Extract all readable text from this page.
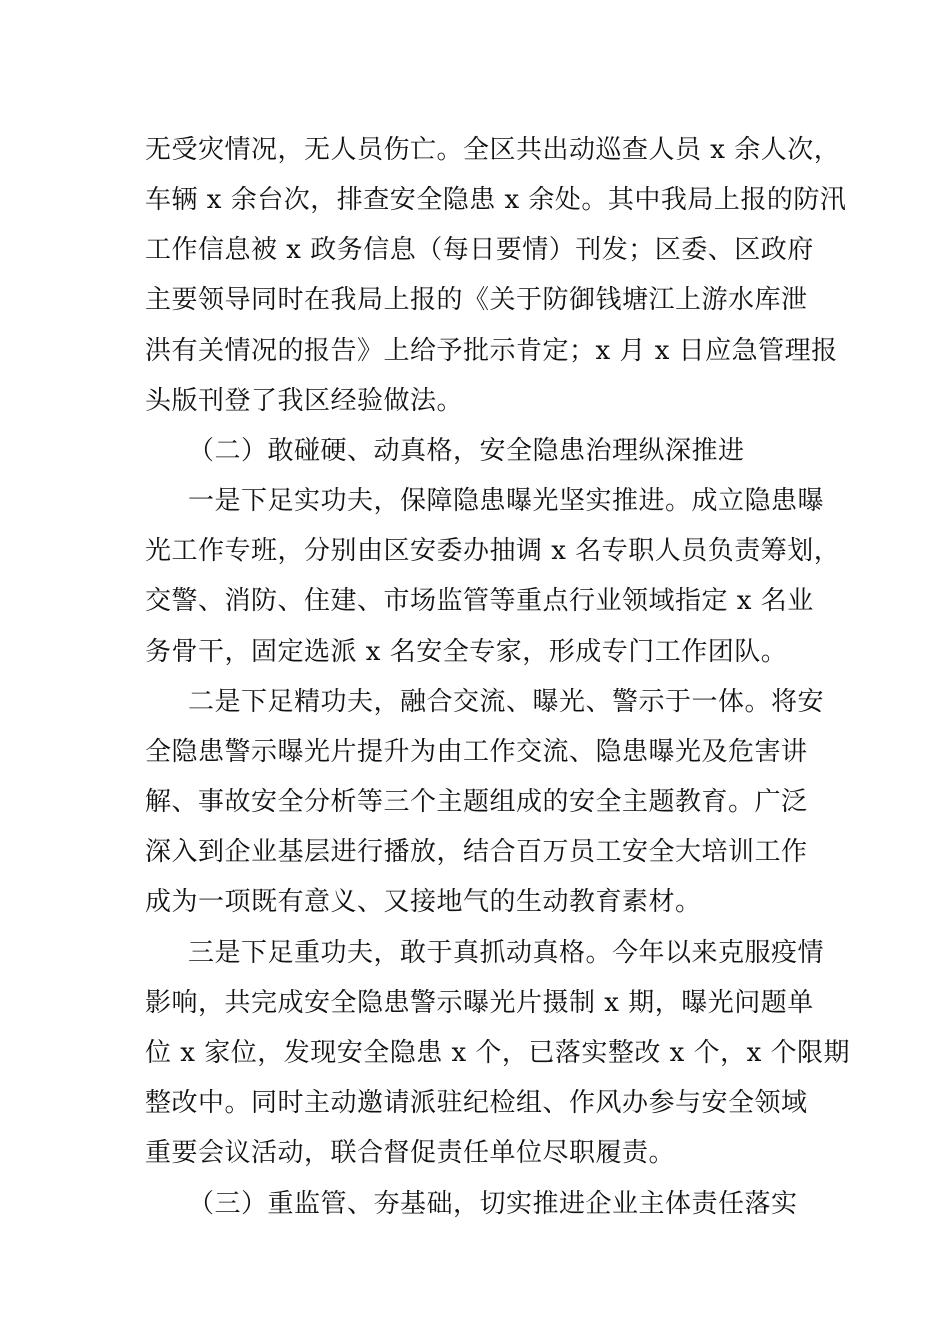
无受灾情况，无人员伤亡。全区共出动巡查人员 x 余人次，
车辆 x 余台次，排查安全隐患 x 余处。其中我局上报的防汛
工作信息被 x 政务信息（每日要情）刊发；区委、区政府
主要领导同时在我局上报的《关于防御钱塘江上游水库泄
洪有关情况的报告》上给予批示肯定；x 月 x 日应急管理报
头版刊登了我区经验做法。
（二）敢碰硬、动真格，安全隐患治理纵深推进
一是下足实功夫，保障隐患曝光坚实推进。成立隐患曝
光工作专班，分别由区安委办抽调 x 名专职人员负责筹划，
交警、消防、住建、市场监管等重点行业领域指定 x 名业
务骨干，固定选派 x 名安全专家，形成专门工作团队。
二是下足精功夫，融合交流、曝光、警示于一体。将安
全隐患警示曝光片提升为由工作交流、隐患曝光及危害讲
解、事故安全分析等三个主题组成的安全主题教育。广泛
深入到企业基层进行播放，结合百万员工安全大培训工作
成为一项既有意义、又接地气的生动教育素材。
三是下足重功夫，敢于真抓动真格。今年以来克服疫情
影响，共完成安全隐患警示曝光片摄制 x 期，曝光问题单
位 x 家位，发现安全隐患 x 个，已落实整改 x 个，x 个限期
整改中。同时主动邀请派驻纪检组、作风办参与安全领域
重要会议活动，联合督促责任单位尽职履责。
（三）重监管、夯基础，切实推进企业主体责任落实
